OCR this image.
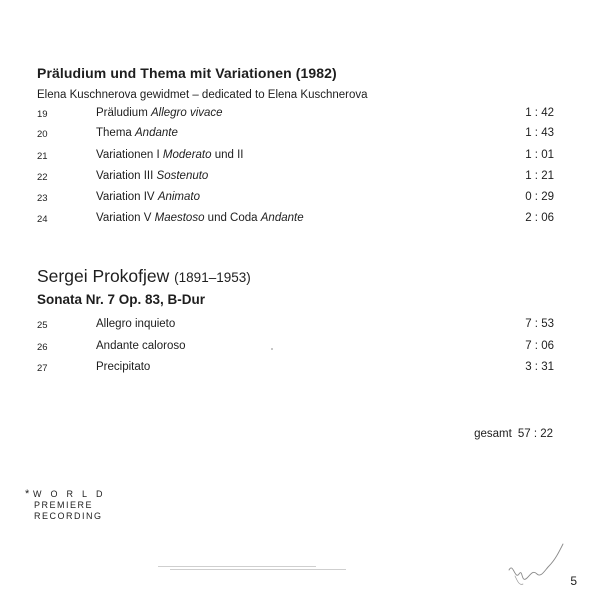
Präludium und Thema mit Variationen (1982)
Elena Kuschnerova gewidmet – dedicated to Elena Kuschnerova
19	Präludium Allegro vivace	1 : 42
20	Thema Andante	1 : 43
21	Variationen I Moderato und II	1 : 01
22	Variation III Sostenuto	1 : 21
23	Variation IV Animato	0 : 29
24	Variation V Maestoso und Coda Andante	2 : 06
Sergei Prokofjew (1891–1953)
Sonata Nr. 7 Op. 83, B-Dur
25	Allegro inquieto	7 : 53
26	Andante caloroso	7 : 06
27	Precipitato	3 : 31
gesamt 57 : 22
* WORLD
PREMIERE
RECORDING
5
